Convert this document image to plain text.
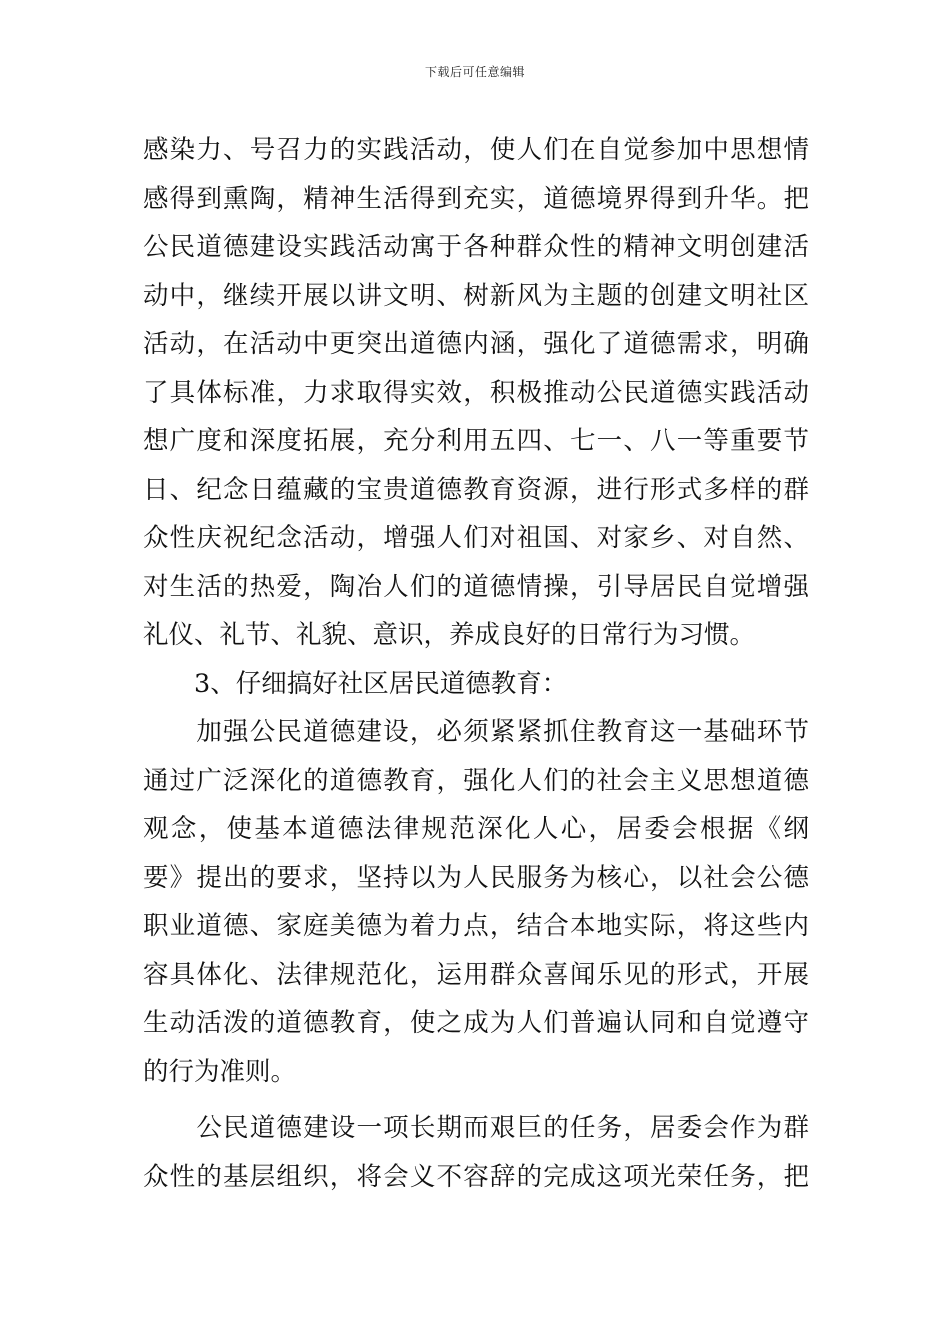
下载后可任意编辑
感染力、号召力的实践活动，使人们在自觉参加中思想情
感得到熏陶，精神生活得到充实，道德境界得到升华。把
公民道德建设实践活动寓于各种群众性的精神文明创建活
动中，继续开展以讲文明、树新风为主题的创建文明社区
活动，在活动中更突出道德内涵，强化了道德需求，明确
了具体标准，力求取得实效，积极推动公民道德实践活动
想广度和深度拓展，充分利用五四、七一、八一等重要节
日、纪念日蕴藏的宝贵道德教育资源，进行形式多样的群
众性庆祝纪念活动，增强人们对祖国、对家乡、对自然、
对生活的热爱，陶冶人们的道德情操，引导居民自觉增强
礼仪、礼节、礼貌、意识，养成良好的日常行为习惯。
　　3、仔细搞好社区居民道德教育：
　　加强公民道德建设，必须紧紧抓住教育这一基础环节
通过广泛深化的道德教育，强化人们的社会主义思想道德
观念，使基本道德法律规范深化人心，居委会根据《纲
要》提出的要求，坚持以为人民服务为核心，以社会公德
职业道德、家庭美德为着力点，结合本地实际，将这些内
容具体化、法律规范化，运用群众喜闻乐见的形式，开展
生动活泼的道德教育，使之成为人们普遍认同和自觉遵守
的行为准则。
　　公民道德建设一项长期而艰巨的任务，居委会作为群
众性的基层组织，将会义不容辞的完成这项光荣任务，把
